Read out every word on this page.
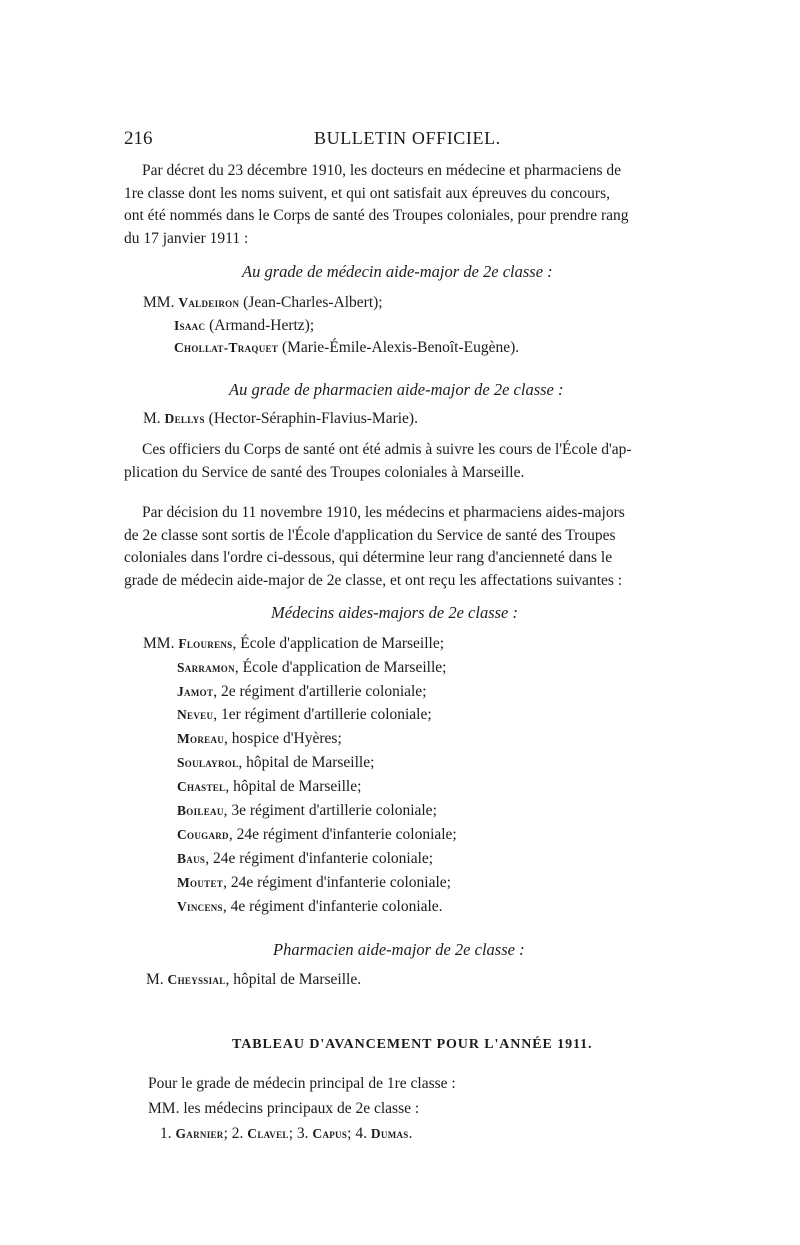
216	BULLETIN OFFICIEL.

Par décret du 23 décembre 1910, les docteurs en médecine et pharmaciens de
1re classe dont les noms suivent, et qui ont satisfait aux épreuves du concours,
ont été nommés dans le Corps de santé des Troupes coloniales, pour prendre rang
du 17 janvier 1911 :

Au grade de médecin aide-major de 2e classe :
MM. Valdeiron (Jean-Charles-Albert);
Isaac (Armand-Hertz);
Chollat-Traquet (Marie-Émile-Alexis-Benoît-Eugène).
Au grade de pharmacien aide-major de 2e classe :
M. Dellys (Hector-Séraphin-Flavius-Marie).

Ces officiers du Corps de santé ont été admis à suivre les cours de l'École d'ap-
plication du Service de santé des Troupes coloniales à Marseille.

Par décision du 11 novembre 1910, les médecins et pharmaciens aides-majors
de 2e classe sont sortis de l'École d'application du Service de santé des Troupes
coloniales dans l'ordre ci-dessous, qui détermine leur rang d'ancienneté dans le
grade de médecin aide-major de 2e classe, et ont reçu les affectations suivantes :

Médecins aides-majors de 2e classe :
MM. Flourens, École d'application de Marseille;
Sarramon, École d'application de Marseille;
Jamot, 2e régiment d'artillerie coloniale;
Neveu, 1er régiment d'artillerie coloniale;
Moreau, hospice d'Hyères;
Soulayrol, hôpital de Marseille;
Chastel, hôpital de Marseille;
Boileau, 3e régiment d'artillerie coloniale;
Cougard, 24e régiment d'infanterie coloniale;
Baus, 24e régiment d'infanterie coloniale;
Moutet, 24e régiment d'infanterie coloniale;
Vincens, 4e régiment d'infanterie coloniale.
Pharmacien aide-major de 2e classe :
M. Cheyssial, hôpital de Marseille.
TABLEAU D'AVANCEMENT POUR L'ANNÉE 1911.
Pour le grade de médecin principal de 1re classe :
MM. les médecins principaux de 2e classe :
1. Garnier; 2. Clavel; 3. Capus; 4. Dumas.
